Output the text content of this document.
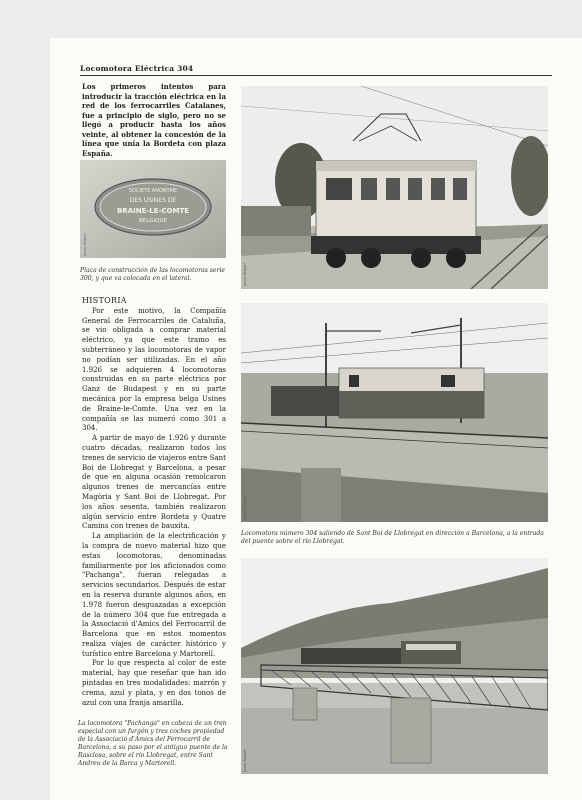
Locomotora Eléctrica 304
Los primeros intentos para introducir la tracción eléctrica en la red de los ferrocarriles Catalanes, fue a principio de siglo, pero no se llegó a producir hasta los años veinte, al obtener la concesión de la línea que unía la Bordeta con plaza España.
SOCIETE ANONYME
DES USINES DE
BRAINE-LE-COMTE
BELGIQUE
Josep Miquel
Placa de construcción de las locomotoras serie 300, y que va colocada en el lateral.	Josep Miquel
Josep Miquel
Locomotora número 304 saliendo de Sant Boi de Llobregat en dirección a Barcelona, a la entrada del puente sobre el río Llobregat.
Josep Miquel
La locomotora "Pachanga" en cabeza de un tren especial con un furgón y tres coches propiedad de la Associació d'Amics del Ferrocarril de Barcelona, a su paso por el antiguo puente de la Rasclosa, sobre el río Llobregat, entre Sant Andreu de la Barca y Martorell.
HISTORIA

Por este motivo, la Compañía General de Ferrocarriles de Cataluña, se vio obligada a comprar material eléctrico, ya que este tramo es subterráneo y las locomotoras de vapor no podían ser utilizadas. En el año 1.926 se adquieren 4 locomotoras construidas en su parte eléctrica por Ganz de Budapest y en su parte mecánica por la empresa belga Usines de Braine-le-Comte. Una vez en la compañía se las numeró como 301 a 304.

A partir de mayo de 1.926 y durante cuatro décadas, realizaron todos los trenes de servicio de viajeros entre Sant Boi de Llobregat y Barcelona, a pesar de que en alguna ocasión remolcaron algunos trenes de mercancías entre Magòria y Sant Boi de Llobregat. Por los años sesenta, también realizaron algún servicio entre Bordeta y Quatre Camins con trenes de bauxita.

La ampliación de la electrificación y la compra de nuevo material hizo que estas locomotoras, denominadas familiarmente por los aficionados como "Pachanga", fueran relegadas a servicios secundarios. Después de estar en la reserva durante algunos años, en 1.978 fueron desguazadas a excepción de la número 304 que fue entregada a la Associació d'Amics del Ferrocarril de Barcelona que en estos momentos realiza viajes de carácter histórico y turístico entre Barcelona y Martorell.

Por lo que respecta al color de este material, hay que reseñar que han ido pintadas en tres modalidades: marrón y crema, azul y plata, y en dos tonos de azul con una franja amarilla.
